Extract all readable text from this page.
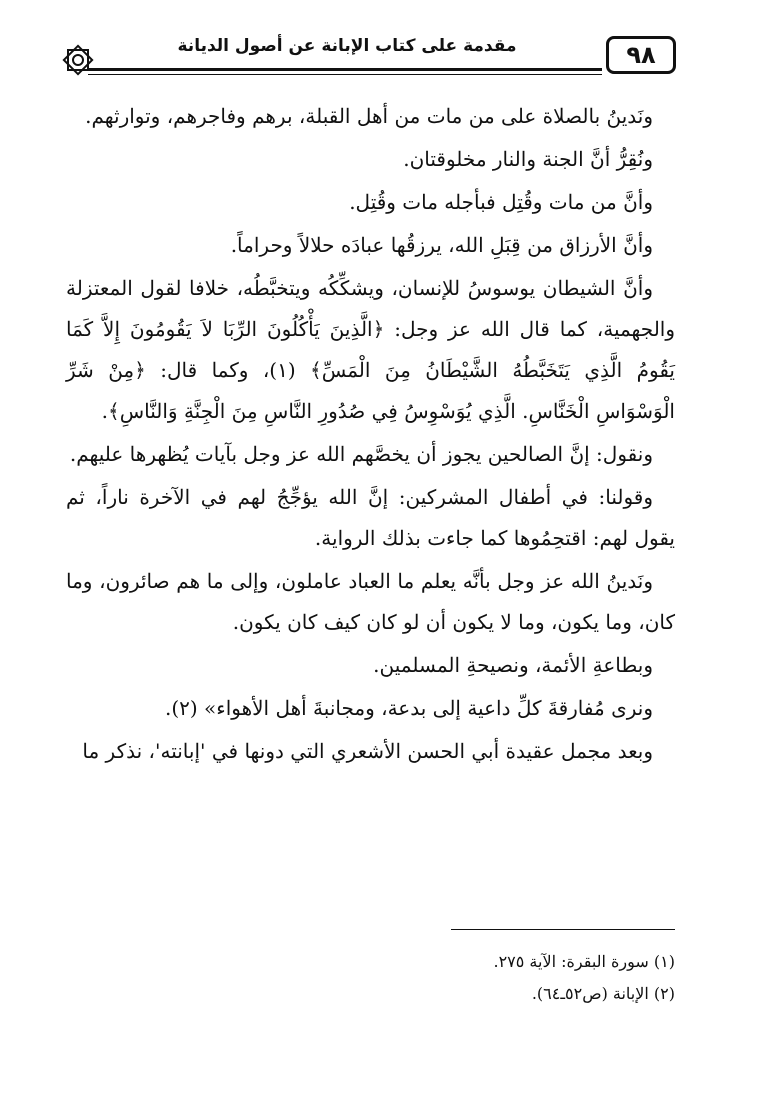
٩٨
مقدمة على كتاب الإبانة عن أصول الديانة

ونَدينُ بالصلاة على من مات من أهل القبلة، برهم وفاجرهم، وتوارثهم.

ونُقِرُّ أنَّ الجنة والنار مخلوقتان.

وأنَّ من مات وقُتِل فبأجله مات وقُتِل.

وأنَّ الأرزاق من قِبَلِ الله، يرزقُها عبادَه حلالاً وحراماً.

وأنَّ الشيطان يوسوسُ للإنسان، ويشكِّكُه ويتخبَّطُه، خلافا لقول المعتزلة والجهمية، كما قال الله عز وجل: ﴿الَّذِينَ يَأْكُلُونَ الرِّبَا لاَ يَقُومُونَ إِلاَّ كَمَا يَقُومُ الَّذِي يَتَخَبَّطُهُ الشَّيْطَانُ مِنَ الْمَسِّ﴾ (١)، وكما قال: ﴿مِنْ شَرِّ الْوَسْوَاسِ الْخَنَّاسِ. الَّذِي يُوَسْوِسُ فِي صُدُورِ النَّاسِ مِنَ الْجِنَّةِ وَالنَّاسِ﴾.

ونقول: إنَّ الصالحين يجوز أن يخصَّهم الله عز وجل بآيات يُظهرها عليهم.

وقولنا: في أطفال المشركين: إنَّ الله يؤجِّجُ لهم في الآخرة ناراً، ثم يقول لهم: اقتحِمُوها كما جاءت بذلك الرواية.

ونَدينُ الله عز وجل بأنَّه يعلم ما العباد عاملون، وإلى ما هم صائرون، وما كان، وما يكون، وما لا يكون أن لو كان كيف كان يكون.

وبطاعةِ الأئمة، ونصيحةِ المسلمين.

ونرى مُفارقةَ كلِّ داعية إلى بدعة، ومجانبةَ أهل الأهواء» (٢).

وبعد مجمل عقيدة أبي الحسن الأشعري التي دونها في 'إبانته'، نذكر ما

(١) سورة البقرة: الآية ٢٧٥.
(٢) الإبانة (ص٥٢ـ٦٤).
